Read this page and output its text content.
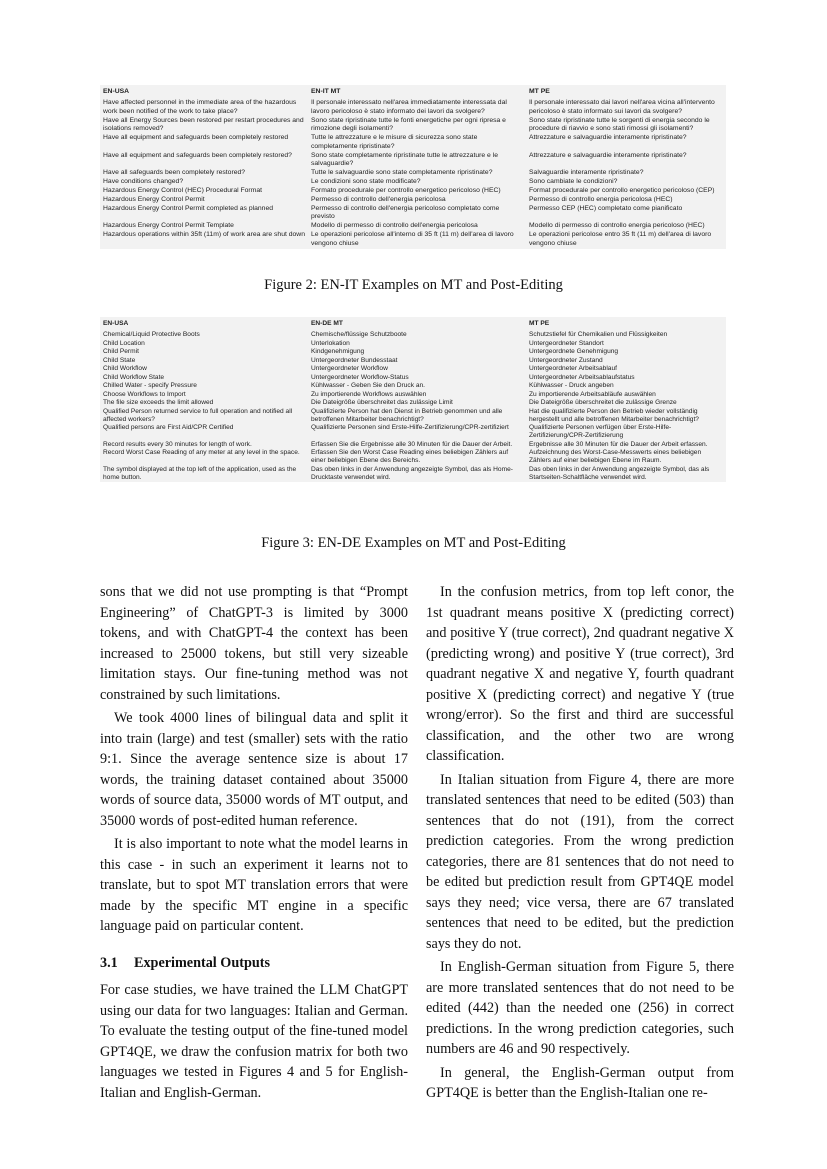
EN-USA	EN-IT MT	MT PE
Have affected personnel in the immediate area of the hazardous work been notified of the work to take place?	Il personale interessato nell'area immediatamente interessata dal lavoro pericoloso è stato informato dei lavori da svolgere?	Il personale interessato dai lavori nell'area vicina all'intervento pericoloso è stato informato sui lavori da svolgere?
Have all Energy Sources been restored per restart procedures and isolations removed?	Sono state ripristinate tutte le fonti energetiche per ogni ripresa e rimozione degli isolamenti?	Sono state ripristinate tutte le sorgenti di energia secondo le procedure di riavvio e sono stati rimossi gli isolamenti?
Have all equipment and safeguards been completely restored	Tutte le attrezzature e le misure di sicurezza sono state completamente ripristinate?	Attrezzature e salvaguardie interamente ripristinate?
Have all equipment and safeguards been completely restored?	Sono state completamente ripristinate tutte le attrezzature e le salvaguardie?	Attrezzature e salvaguardie interamente ripristinate?
Have all safeguards been completely restored?	Tutte le salvaguardie sono state completamente ripristinate?	Salvaguardie interamente ripristinate?
Have conditions changed?	Le condizioni sono state modificate?	Sono cambiate le condizioni?
Hazardous Energy Control (HEC) Procedural Format	Formato procedurale per controllo energetico pericoloso (HEC)	Format procedurale per controllo energetico pericoloso (CEP)
Hazardous Energy Control Permit	Permesso di controllo dell'energia pericolosa	Permesso di controllo energia pericolosa (HEC)
Hazardous Energy Control Permit completed as planned	Permesso di controllo dell'energia pericoloso completato come previsto	Permesso CEP (HEC) completato come pianificato
Hazardous Energy Control Permit Template	Modello di permesso di controllo dell'energia pericolosa	Modello di permesso di controllo energia pericoloso (HEC)
Hazardous operations within 35ft (11m) of work area are shut down	Le operazioni pericolose all'interno di 35 ft (11 m) dell'area di lavoro vengono chiuse	Le operazioni pericolose entro 35 ft (11 m) dell'area di lavoro vengono chiuse
Figure 2: EN-IT Examples on MT and Post-Editing
EN-USA	EN-DE MT	MT PE
Chemical/Liquid Protective Boots	Chemische/flüssige Schutzboote	Schutzstiefel für Chemikalien und Flüssigkeiten
Child Location	Unterlokation	Untergeordneter Standort
Child Permit	Kindgenehmigung	Untergeordnete Genehmigung
Child State	Untergeordneter Bundesstaat	Untergeordneter Zustand
Child Workflow	Untergeordneter Workflow	Untergeordneter Arbeitsablauf
Child Workflow State	Untergeordneter Workflow-Status	Untergeordneter Arbeitsablaufstatus
Chilled Water - specify Pressure	Kühlwasser - Geben Sie den Druck an.	Kühlwasser - Druck angeben
Choose Workflows to Import	Zu importierende Workflows auswählen	Zu importierende Arbeitsabläufe auswählen
The file size exceeds the limit allowed	Die Dateigröße überschreitet das zulässige Limit	Die Dateigröße überschreitet die zulässige Grenze
Qualified Person returned service to full operation and notified all affected workers?	Qualifizierte Person hat den Dienst in Betrieb genommen und alle betroffenen Mitarbeiter benachrichtigt?	Hat die qualifizierte Person den Betrieb wieder vollständig hergestellt und alle betroffenen Mitarbeiter benachrichtigt?
Qualified persons are First Aid/CPR Certified	Qualifizierte Personen sind Erste-Hilfe-Zertifizierung/CPR-zertifiziert	Qualifizierte Personen verfügen über Erste-Hilfe-Zertifizierung/CPR-Zertifizierung
Record results every 30 minutes for length of work.	Erfassen Sie die Ergebnisse alle 30 Minuten für die Dauer der Arbeit.	Ergebnisse alle 30 Minuten für die Dauer der Arbeit erfassen.
Record Worst Case Reading of any meter at any level in the space.	Erfassen Sie den Worst Case Reading eines beliebigen Zählers auf einer beliebigen Ebene des Bereichs.	Aufzeichnung des Worst-Case-Messwerts eines beliebigen Zählers auf einer beliebigen Ebene im Raum.
The symbol displayed at the top left of the application, used as the home button.	Das oben links in der Anwendung angezeigte Symbol, das als Home-Drucktaste verwendet wird.	Das oben links in der Anwendung angezeigte Symbol, das als Startseiten-Schaltfläche verwendet wird.
Figure 3: EN-DE Examples on MT and Post-Editing

sons that we did not use prompting is that “Prompt Engineering” of ChatGPT-3 is limited by 3000 tokens, and with ChatGPT-4 the context has been increased to 25000 tokens, but still very sizeable limitation stays. Our fine-tuning method was not constrained by such limitations.

We took 4000 lines of bilingual data and split it into train (large) and test (smaller) sets with the ratio 9:1. Since the average sentence size is about 17 words, the training dataset contained about 35000 words of source data, 35000 words of MT output, and 35000 words of post-edited human reference.

It is also important to note what the model learns in this case - in such an experiment it learns not to translate, but to spot MT translation errors that were made by the specific MT engine in a specific language paid on particular content.

3.1 Experimental Outputs

For case studies, we have trained the LLM ChatGPT using our data for two languages: Italian and German. To evaluate the testing output of the fine-tuned model GPT4QE, we draw the confusion matrix for both two languages we tested in Figures 4 and 5 for English-Italian and English-German.

In the confusion metrics, from top left conor, the 1st quadrant means positive X (predicting correct) and positive Y (true correct), 2nd quadrant negative X (predicting wrong) and positive Y (true correct), 3rd quadrant negative X and negative Y, fourth quadrant positive X (predicting correct) and negative Y (true wrong/error). So the first and third are successful classification, and the other two are wrong classification.

In Italian situation from Figure 4, there are more translated sentences that need to be edited (503) than sentences that do not (191), from the correct prediction categories. From the wrong prediction categories, there are 81 sentences that do not need to be edited but prediction result from GPT4QE model says they need; vice versa, there are 67 translated sentences that need to be edited, but the prediction says they do not.

In English-German situation from Figure 5, there are more translated sentences that do not need to be edited (442) than the needed one (256) in correct predictions. In the wrong prediction categories, such numbers are 46 and 90 respectively.

In general, the English-German output from GPT4QE is better than the English-Italian one re-
